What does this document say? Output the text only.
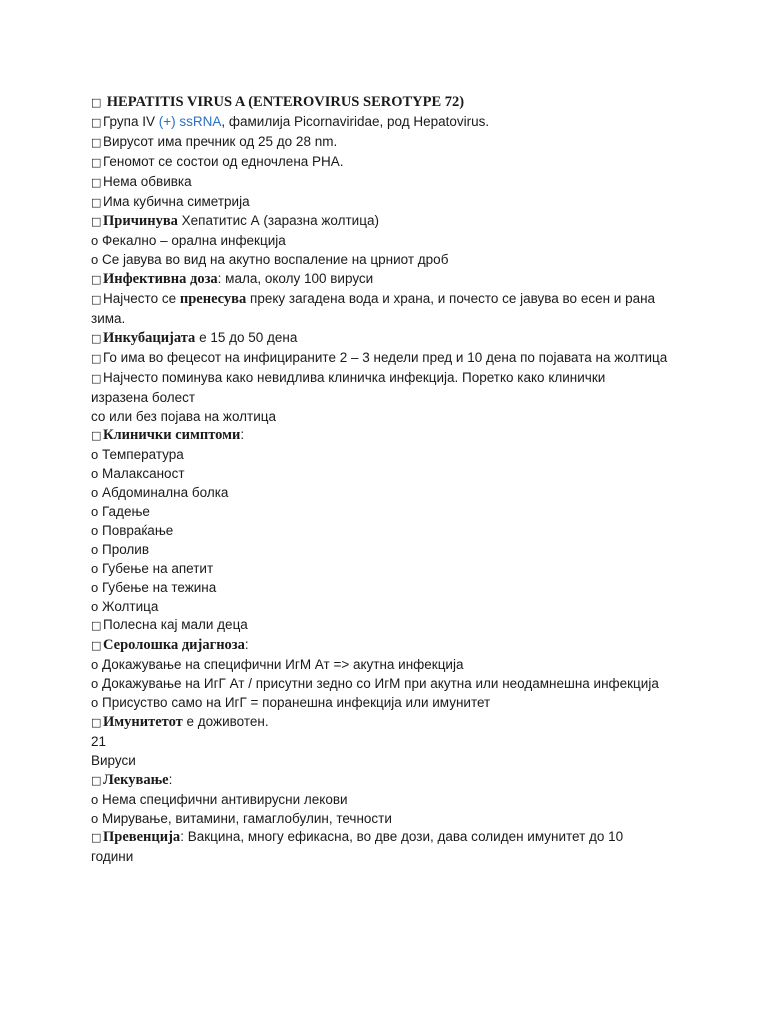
□ HEPATITIS VIRUS A (ENTEROVIRUS SEROTYPE 72)
□ Група IV (+) ssRNA, фамилија Picornaviridae, род Hepatovirus.
□ Вирусот има пречник од 25 до 28 nm.
□ Геномот се состои од едночлена РНА.
□ Нема обвивка
□ Има кубична симетрија
□ Причинува Хепатитис А (заразна жолтица)
o Фекално – орална инфекција
o Се јавува во вид на акутно воспаление на црниот дроб
□ Инфективна доза: мала, околу 100 вируси
□ Најчесто се пренесува преку загадена вода и храна, и почесто се јавува во есен и рана
зима.
□ Инкубацијата е 15 до 50 дена
□ Го има во фецесот на инфицираните 2 – 3 недели пред и 10 дена по појавата на жолтица
□ Најчесто поминува како невидлива клиничка инфекција. Поретко како клинички
изразена болест
со или без појава на жолтица
□ Клинички симптоми:
o Температура
o Малаксаност
o Абдоминална болка
o Гадење
o Повраќање
o Пролив
o Губење на апетит
o Губење на тежина
o Жолтица
□ Полесна кај мали деца
□ Серолошка дијагноза:
o Докажување на специфични ИгМ Ат => акутна инфекција
o Докажување на ИгГ Ат / присутни зедно со ИгМ при акутна или неодамнешна инфекција
o Присуство само на ИгГ = поранешна инфекција или имунитет
□ Имунитетот е доживотен.
21
Вируси
□ Лекување:
o Нема специфични антивирусни лекови
o Мирување, витамини, гамаглобулин, течности
□ Превенција: Вакцина, многу ефикасна, во две дози, дава солиден имунитет до 10
години
